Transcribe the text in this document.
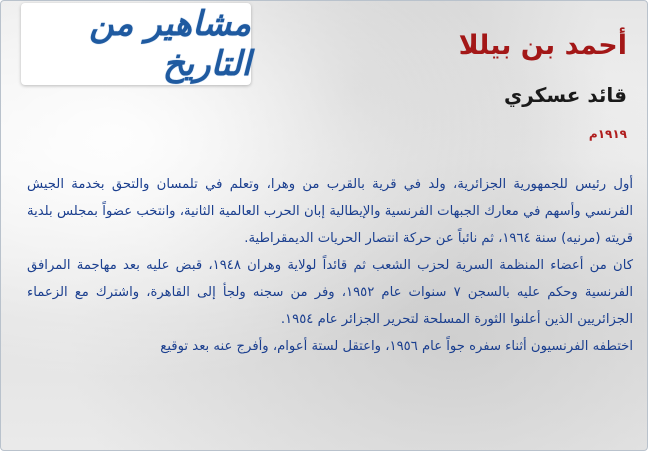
مشاهير من التاريخ	أحمد بن بيللا
قائد عسكري
١٩١٩م

أول رئيس للجمهورية الجزائرية، ولد في قرية بالقرب من وهرا، وتعلم في تلمسان والتحق بخدمة الجيش الفرنسي وأسهم في معارك الجبهات الفرنسية والإيطالية إبان الحرب العالمية الثانية، وانتخب عضواً بمجلس بلدية قريته (مرنيه) سنة ١٩٦٤، ثم نائباً عن حركة انتصار الحريات الديمقراطية.

كان من أعضاء المنظمة السرية لحزب الشعب ثم قائداً لولاية وهران ١٩٤٨، قبض عليه بعد مهاجمة المرافق الفرنسية وحكم عليه بالسجن ٧ سنوات عام ١٩٥٢، وفر من سجنه ولجأ إلى القاهرة، واشترك مع الزعماء الجزائريين الذين أعلنوا الثورة المسلحة لتحرير الجزائر عام ١٩٥٤.

اختطفه الفرنسيون أثناء سفره جواً عام ١٩٥٦، واعتقل لستة أعوام، وأفرج عنه بعد توقيع
